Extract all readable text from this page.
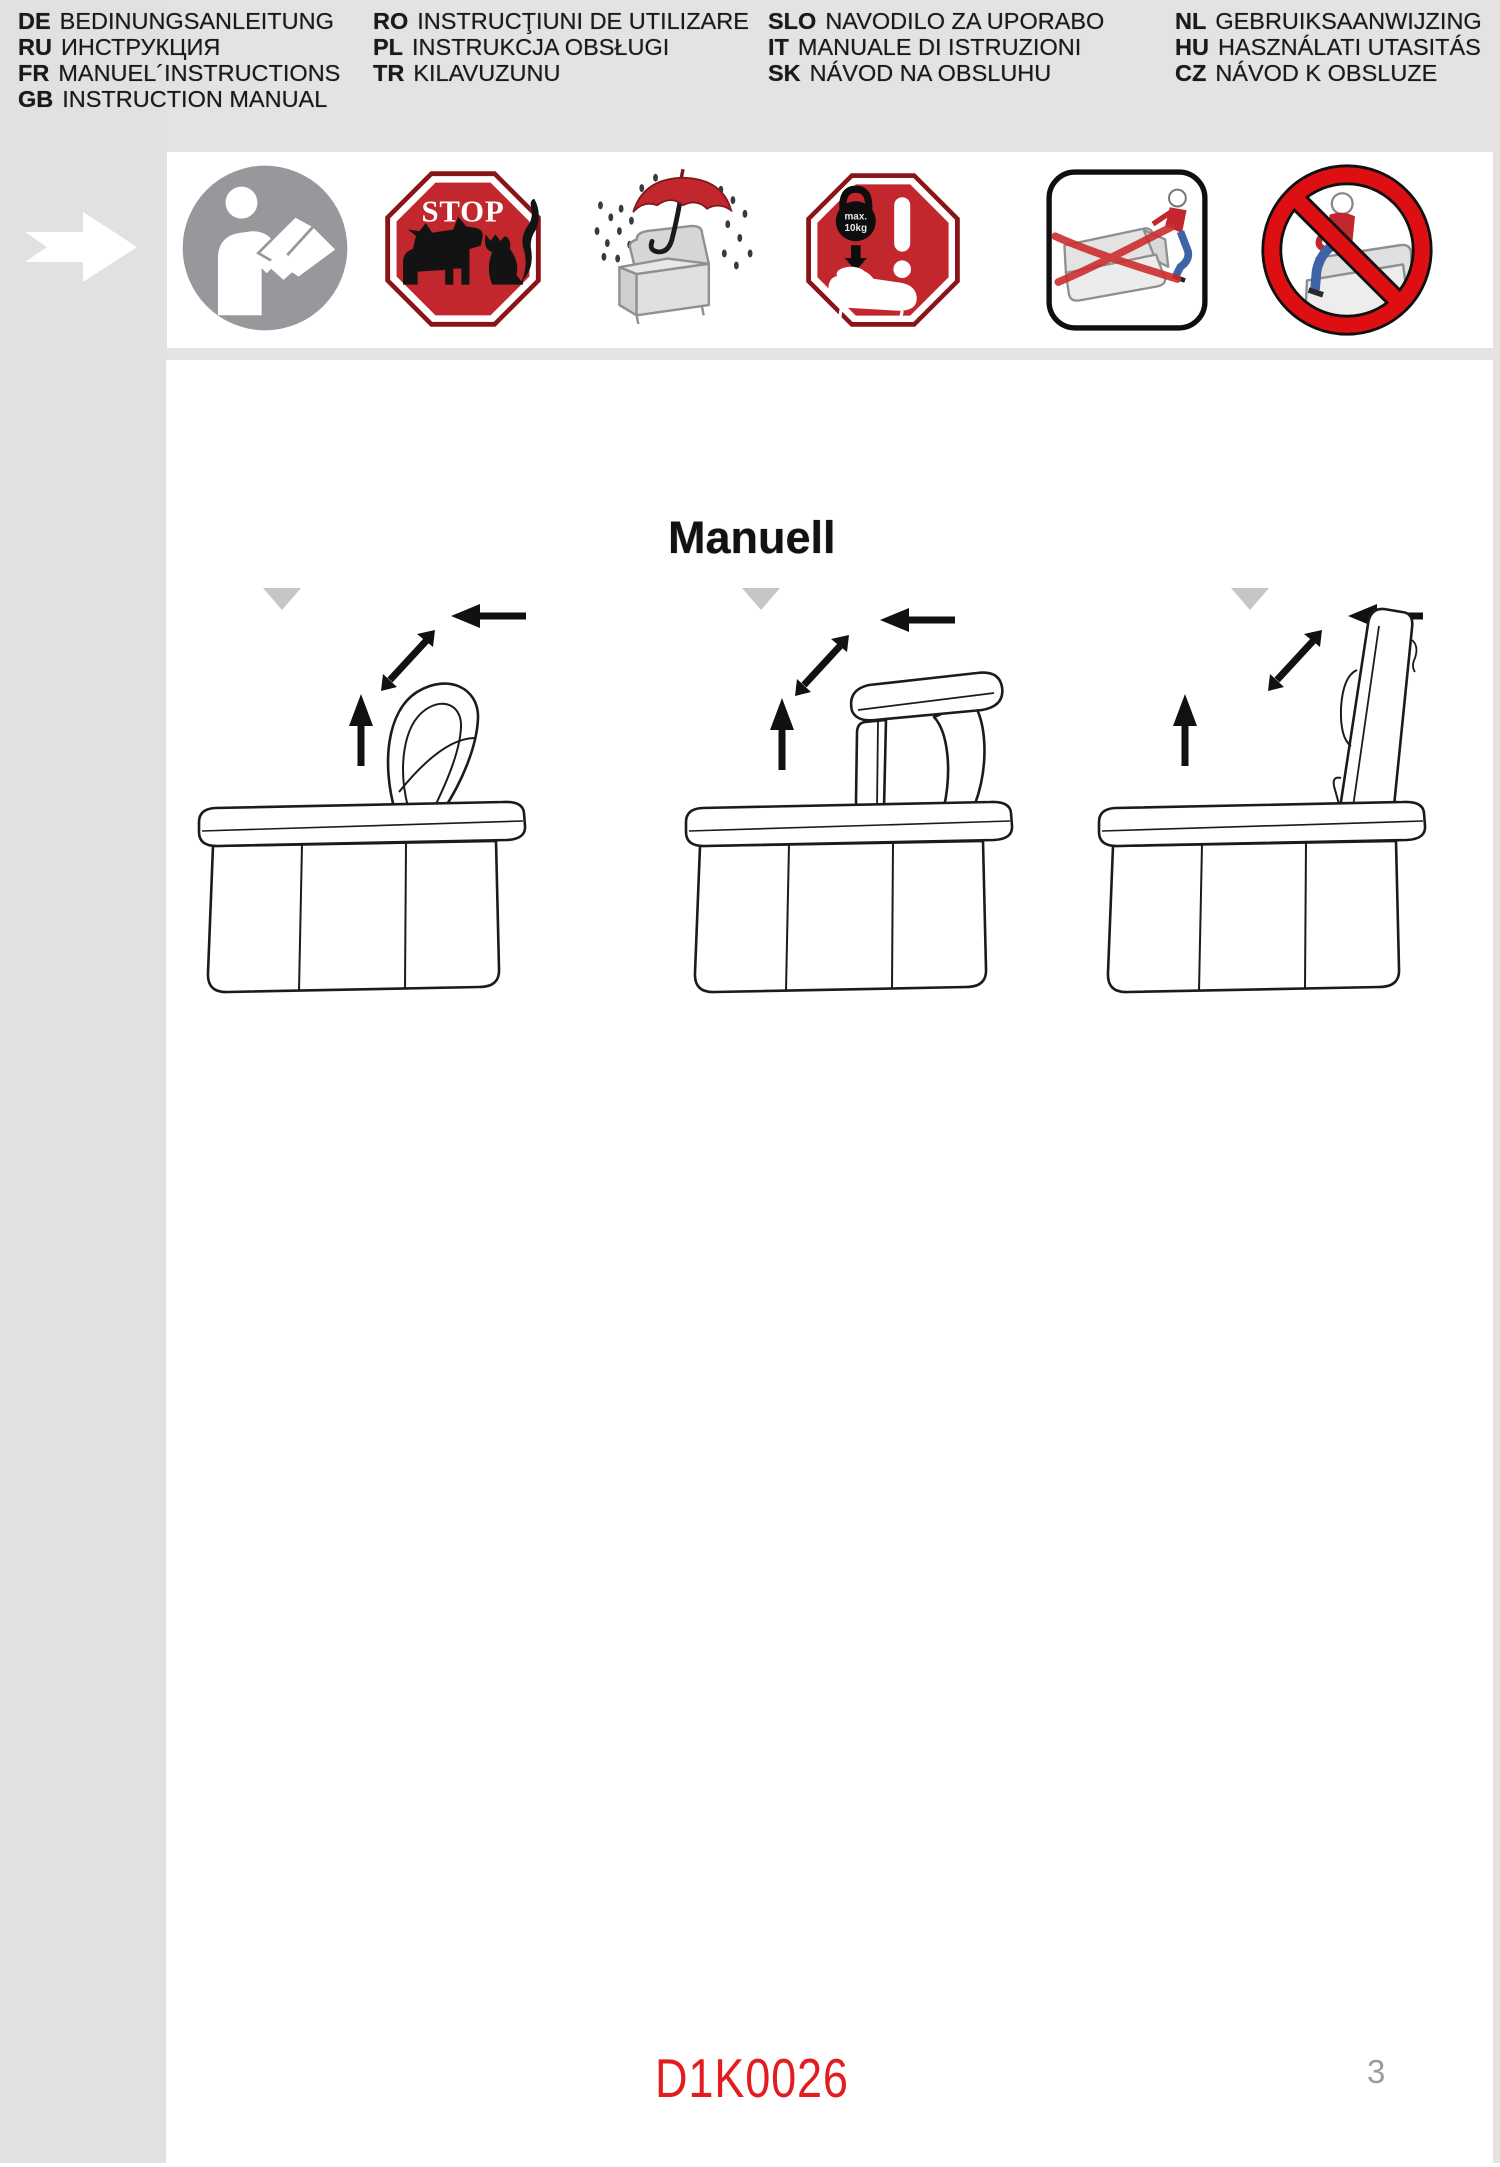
DE BEDINUNGSANLEITUNG
RU ИНСТРУКЦИЯ
FR MANUEL´INSTRUCTIONS
GB INSTRUCTION MANUAL
RO INSTRUCŢIUNI DE UTILIZARE
PL INSTRUKCJA OBSŁUGI
TR KILAVUZUNU
SLO NAVODILO ZA UPORABO
IT MANUALE DI ISTRUZIONI
SK NÁVOD NA OBSLUHU
NL GEBRUIKSAANWIJZING
HU HASZNÁLATI UTASITÁS
CZ NÁVOD K OBSLUZE
STOP	max.
10kg
Manuell
D1K0026	3
